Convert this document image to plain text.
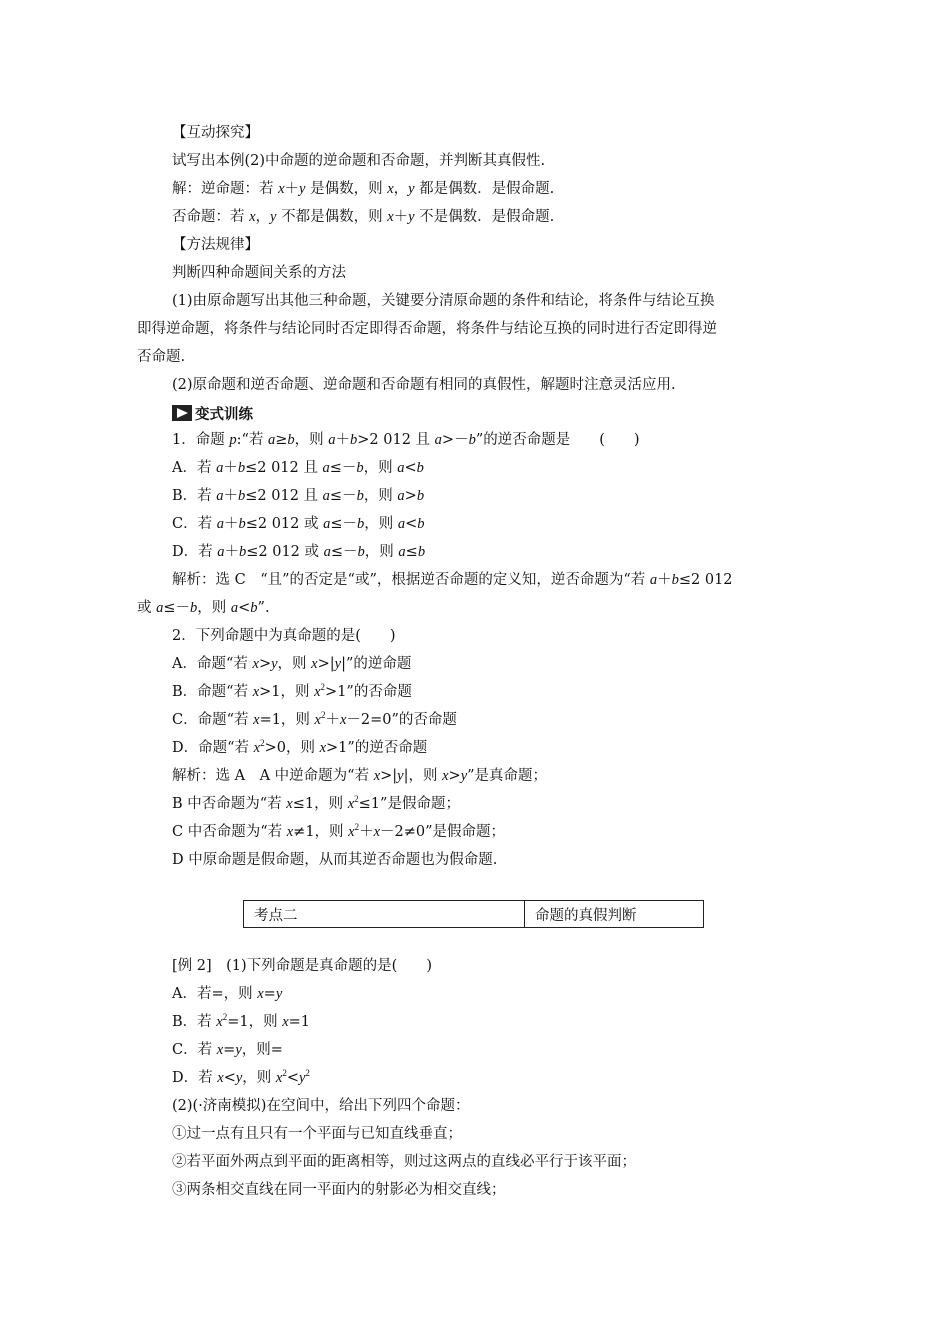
【互动探究】
试写出本例(2)中命题的逆命题和否命题，并判断其真假性.
解：逆命题：若 x＋y 是偶数，则 x，y 都是偶数．是假命题.
否命题：若 x，y 不都是偶数，则 x＋y 不是偶数．是假命题.
【方法规律】
判断四种命题间关系的方法
(1)由原命题写出其他三种命题，关键要分清原命题的条件和结论，将条件与结论互换
即得逆命题，将条件与结论同时否定即得否命题，将条件与结论互换的同时进行否定即得逆
否命题.
(2)原命题和逆否命题、逆命题和否命题有相同的真假性，解题时注意灵活应用.
变式训练
1．命题 p:“若 a≥b，则 a＋b>2 012 且 a>－b”的逆否命题是　　(　　)
A．若 a＋b≤2 012 且 a≤－b，则 a<b
B．若 a＋b≤2 012 且 a≤－b，则 a>b
C．若 a＋b≤2 012 或 a≤－b，则 a<b
D．若 a＋b≤2 012 或 a≤－b，则 a≤b
解析：选 C　“且”的否定是“或”，根据逆否命题的定义知，逆否命题为“若 a＋b≤2 012
或 a≤－b，则 a<b”.
2．下列命题中为真命题的是(　　)
A．命题“若 x>y，则 x>|y|”的逆命题
B．命题“若 x>1，则 $x^2>1$”的否命题
C．命题“若 x=1，则 $x^2+x-2=0$”的否命题
D．命题“若 $x^2>0$，则 x>1”的逆否命题
解析：选 A　A 中逆命题为“若 x>|y|，则 x>y”是真命题；
B 中否命题为“若 x≤1，则 $x^2\le 1$”是假命题；
C 中否命题为“若 x≠1，则 $x^2+x-2\ne 0$”是假命题；
D 中原命题是假命题，从而其逆否命题也为假命题.
考点二	命题的真假判断
[例 2]　(1)下列命题是真命题的是(　　)
A．若=，则 x=y
B．若 $x^2=1$，则 x=1
C．若 x=y，则=
D．若 x<y，则 $x^2<y^2$
(2)(·济南模拟)在空间中，给出下列四个命题：
①过一点有且只有一个平面与已知直线垂直；
②若平面外两点到平面的距离相等，则过这两点的直线必平行于该平面；
③两条相交直线在同一平面内的射影必为相交直线；
